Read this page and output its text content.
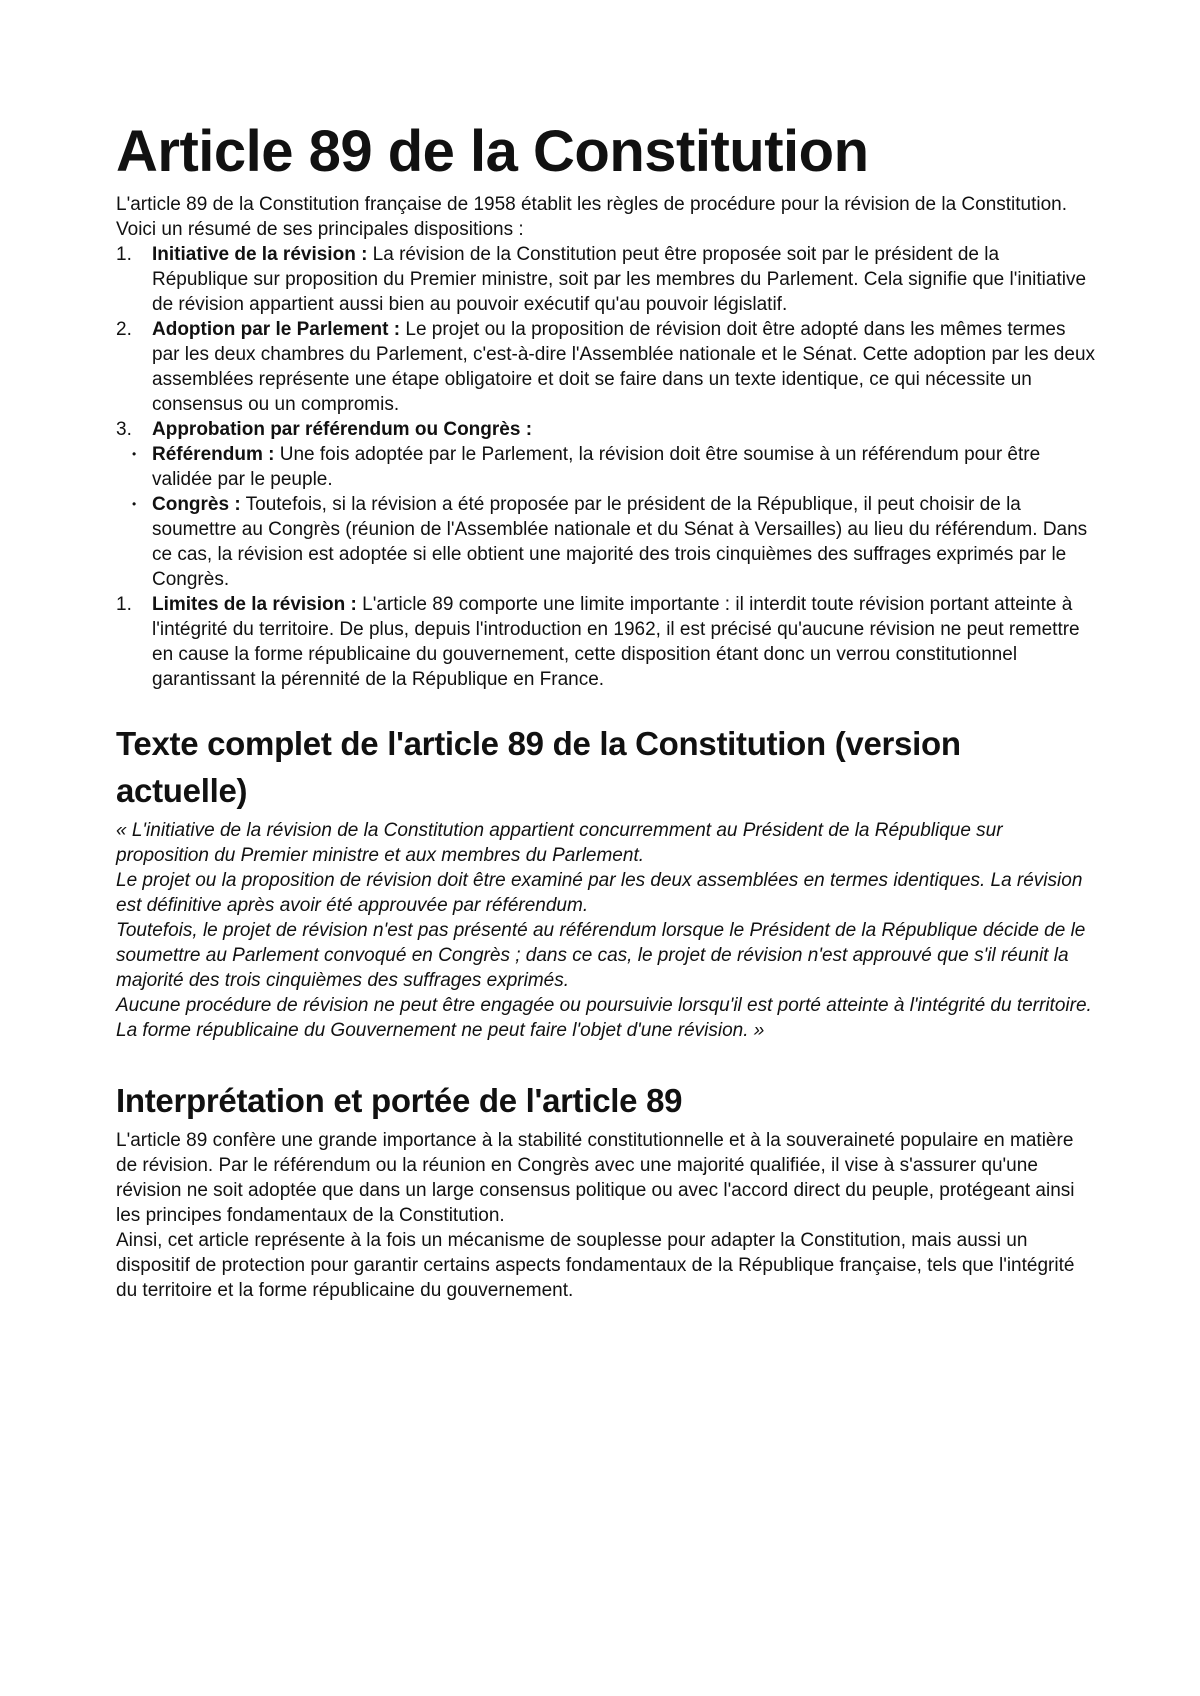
Article 89 de la Constitution

L'article 89 de la Constitution française de 1958 établit les règles de procédure pour la révision de la Constitution. Voici un résumé de ses principales dispositions :

1. Initiative de la révision : La révision de la Constitution peut être proposée soit par le président de la République sur proposition du Premier ministre, soit par les membres du Parlement. Cela signifie que l'initiative de révision appartient aussi bien au pouvoir exécutif qu'au pouvoir législatif.
2. Adoption par le Parlement : Le projet ou la proposition de révision doit être adopté dans les mêmes termes par les deux chambres du Parlement, c'est-à-dire l'Assemblée nationale et le Sénat. Cette adoption par les deux assemblées représente une étape obligatoire et doit se faire dans un texte identique, ce qui nécessite un consensus ou un compromis.
3. Approbation par référendum ou Congrès :
• Référendum : Une fois adoptée par le Parlement, la révision doit être soumise à un référendum pour être validée par le peuple.
• Congrès : Toutefois, si la révision a été proposée par le président de la République, il peut choisir de la soumettre au Congrès (réunion de l'Assemblée nationale et du Sénat à Versailles) au lieu du référendum. Dans ce cas, la révision est adoptée si elle obtient une majorité des trois cinquièmes des suffrages exprimés par le Congrès.
1. Limites de la révision : L'article 89 comporte une limite importante : il interdit toute révision portant atteinte à l'intégrité du territoire. De plus, depuis l'introduction en 1962, il est précisé qu'aucune révision ne peut remettre en cause la forme républicaine du gouvernement, cette disposition étant donc un verrou constitutionnel garantissant la pérennité de la République en France.
Texte complet de l'article 89 de la Constitution (version actuelle)

« L'initiative de la révision de la Constitution appartient concurremment au Président de la République sur proposition du Premier ministre et aux membres du Parlement.

Le projet ou la proposition de révision doit être examiné par les deux assemblées en termes identiques. La révision est définitive après avoir été approuvée par référendum.

Toutefois, le projet de révision n'est pas présenté au référendum lorsque le Président de la République décide de le soumettre au Parlement convoqué en Congrès ; dans ce cas, le projet de révision n'est approuvé que s'il réunit la majorité des trois cinquièmes des suffrages exprimés.

Aucune procédure de révision ne peut être engagée ou poursuivie lorsqu'il est porté atteinte à l'intégrité du territoire. La forme républicaine du Gouvernement ne peut faire l'objet d'une révision. »

Interprétation et portée de l'article 89

L'article 89 confère une grande importance à la stabilité constitutionnelle et à la souveraineté populaire en matière de révision. Par le référendum ou la réunion en Congrès avec une majorité qualifiée, il vise à s'assurer qu'une révision ne soit adoptée que dans un large consensus politique ou avec l'accord direct du peuple, protégeant ainsi les principes fondamentaux de la Constitution.

Ainsi, cet article représente à la fois un mécanisme de souplesse pour adapter la Constitution, mais aussi un dispositif de protection pour garantir certains aspects fondamentaux de la République française, tels que l'intégrité du territoire et la forme républicaine du gouvernement.
